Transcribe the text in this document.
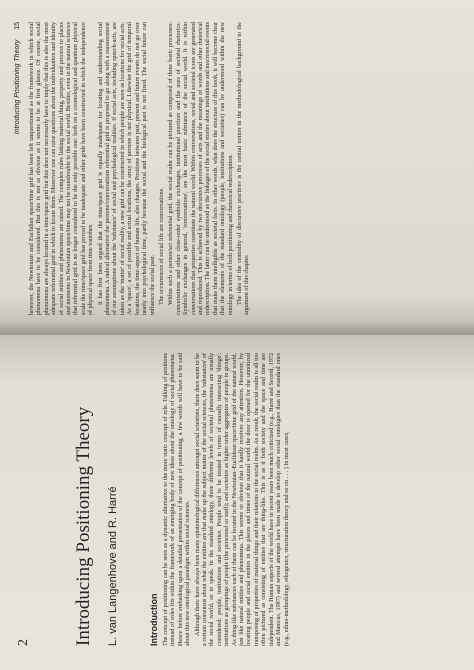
2 Introducing Positioning Theory L. van Langenhove and R. Harré	Introduction The concept of positioning can be seen as a dynamic alternative to the more static concept of role. Talking of positions instead of roles fits within the framework of an emerging body of new ideas about the ontology of social phenomena. Hence before embarking upon a detailed presentation of the concept of positioning, a few words will have to be said about this new ontological paradigm within social sciences. Although there have always been many epistemological differences amongst social scientists, there does seem to be a certain consensus about what the entities are that make up the subject matter of the social sciences, the 'substances' of the social world, so to speak. In the standard ontology, three different levels of societal phenomena are usually considered: people, institutions and societies. People tend to be treated in terms of causally interacting 'things'; institutions as groupings of people (the personnel or staff); and societies as higher order aggregates of people in groups. As thing-like substances each of them can be located in the Newtonian–Euclidean space/time grid of the natural world, just like natural entities and phenomena. This seems so obvious that it hardly receives any attention. However, by locating people and social entities in the places and times of the natural world the door is opened for the unnoticed transposing of properties of material things and their relations to the social realm. As a result, the social realm is all too often pictured as consisting of entities that are thing-like. This is as if both society and the space and time are independent. The Human aspects of the world have in recent years been much criticized (e.g., Harré and Secord, 1972 and Manicas, 1987) and several attempts have been made to develop other social ontologies than the standard ones (e.g., ethno-methodology, ethogenics, structuration theory and so on . . . ) In most cases,

Introducing Positioning Theory
15 however, the Newtonian and Euclidian space/time grid has been left unquestioned as the framework in which social phenomena have to be considered. But this is not as obvious as it seems to be at first glance. Of course, social phenomena are always located in a time/space grid but this does not necessarily have to imply that this is also the most adequate referential grid in which to locate them. Moreover one can raise questions about the individuation and identity of social entities and phenomena are raised. The complex rules linking material thing, property and process to places and moments in Newtonian space/time may not be transferable to the social world. Besides, even in the natural sciences that referential grid is no longer considered to be the only possible one: both on a cosmological and quantum physical scale the time/space grid has proved to be inadequate and other grids have been constructed in which the independence of physical space from time vanishes. It has first been argued that the time/space grid is equally inadequate for locating and understanding social phenomena. A radical alternative the persons/conversations referential grid is proposed to go along with a reassessment of our assumptions about the 'substance' of social and psychological realities. If social acts, including speech-acts, are taken as the 'matter' of social reality, a new grid can be constructed in which people are seen as locations for social acts. As a 'space', a set of possible and actual locations, the array of persons is not physical. Likewise the grid of temporal locations, the time-aspect of human life, also changes. Positions between past, present and future events do not go over neatly into psychological time, partly because the social and the biological past is not fixed. The social future can influence the social past. The occurrences of social life are conversations. Within such a person/act referential grid, the social realm can be pictured as composed of three basic processes: conversations and other close-order symbolic exchanges, institutional practices and the uses of societal rhetorics. Symbolic exchanges in general, 'conversations', are the most basic substance of the social world. It is within conversations that properties constitute the natural world. Within conversations, social and societal icons are generated and reproduced. This is achieved by two discursive processes of acts and the meanings of words and other rhetorical redescription. The latter can be understood as the linkages of the social stories about institutions and macrosocial events that make them intelligible as societal facts. In other words, what does the structure of this book, it will become clear that the elements of the standard ontology (people, institutions and societies) can be understood within the new ontology in terms of both positioning and rhetorical redescription. The idea of the centrality of discursive practices is the central notion in the methodological background to the argument of this chapter.
